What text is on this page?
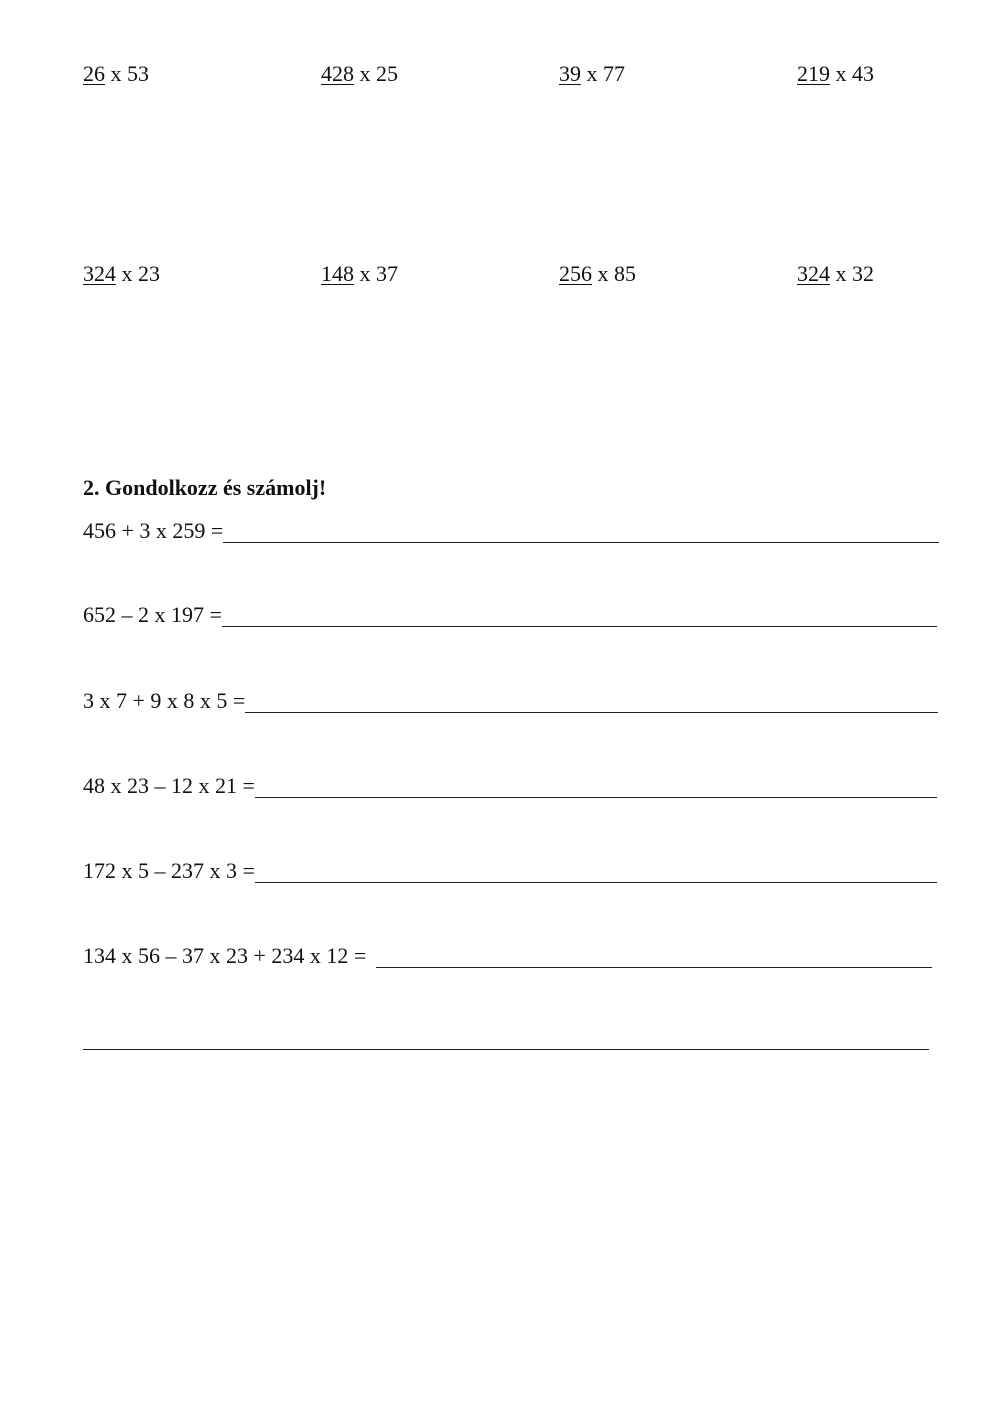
26 x 53	428 x 25	39 x 77	219 x 43
324 x 23	148 x 37	256 x 85	324 x 32
2. Gondolkozz és számolj!
456 + 3 x 259 =
652 – 2 x 197 =
3 x 7 + 9 x 8 x 5 =
48 x 23 – 12 x 21 =
172 x 5 – 237 x 3 =
134 x 56 – 37 x 23 + 234 x 12 =
